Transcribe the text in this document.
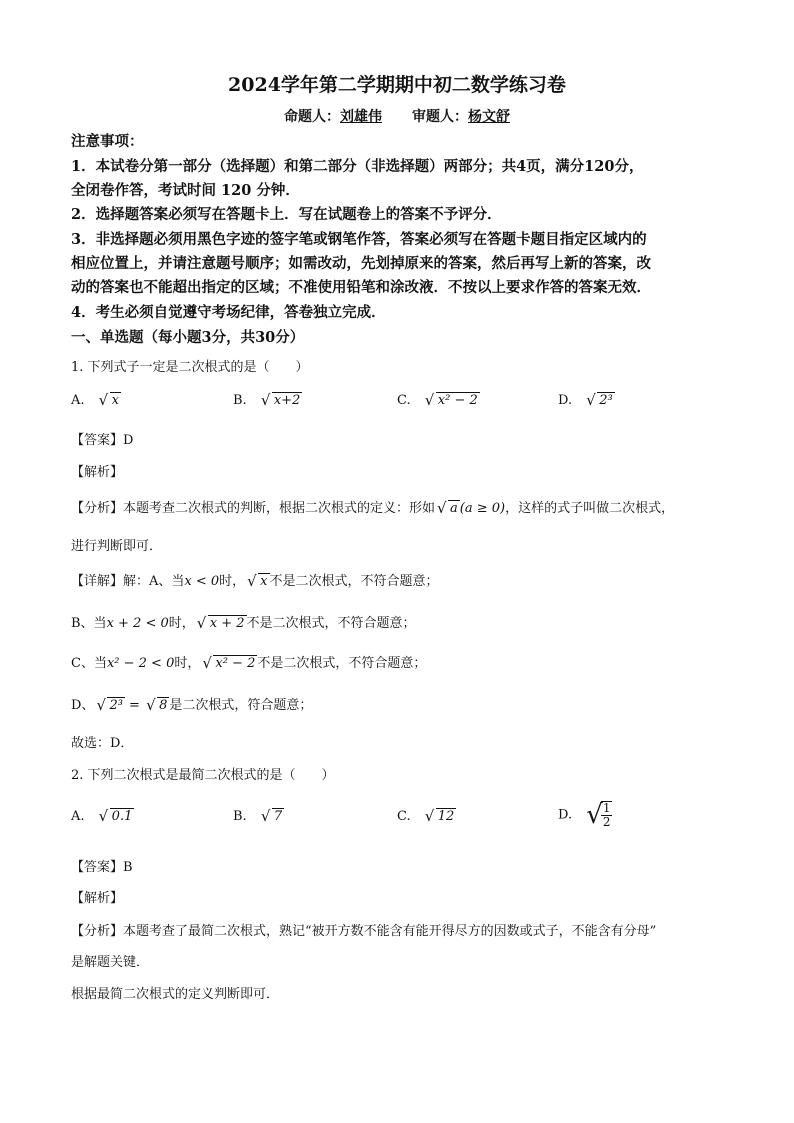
2024学年第二学期期中初二数学练习卷
命题人：刘雄伟 审题人：杨文舒
注意事项：
1．本试卷分第一部分（选择题）和第二部分（非选择题）两部分；共4页，满分120分，
全闭卷作答，考试时间 120 分钟．
2．选择题答案必须写在答题卡上．写在试题卷上的答案不予评分．
3．非选择题必须用黑色字迹的签字笔或钢笔作答，答案必须写在答题卡题目指定区域内的
相应位置上，并请注意题号顺序；如需改动，先划掉原来的答案，然后再写上新的答案，改
动的答案也不能超出指定的区域；不准使用铅笔和涂改液．不按以上要求作答的答案无效．
4．考生必须自觉遵守考场纪律，答卷独立完成．
一、单选题（每小题3分，共30分）
1. 下列式子一定是二次根式的是（　　）
A. √ x	B. √ x+2	C. √ x² − 2	D. √ 2³
【答案】D
【解析】
【分析】本题考查二次根式的判断，根据二次根式的定义：形如 √ a (a ≥ 0)，这样的式子叫做二次根式，
进行判断即可．
【详解】解：A、当x < 0时， √ x 不是二次根式，不符合题意；
B、当x + 2 < 0时， √ x + 2 不是二次根式，不符合题意；
C、当x² − 2 < 0时， √ x² − 2 不是二次根式，不符合题意；
D、 √ 2³ = √ 8 是二次根式，符合题意；
故选：D．
2. 下列二次根式是最简二次根式的是（　　）
A. √ 0.1	B. √ 7	C. √ 12	D. √
$\frac{1}{2}$
【答案】B
【解析】
【分析】本题考查了最简二次根式，熟记“被开方数不能含有能开得尽方的因数或式子，不能含有分母”
是解题关键．
根据最简二次根式的定义判断即可．
